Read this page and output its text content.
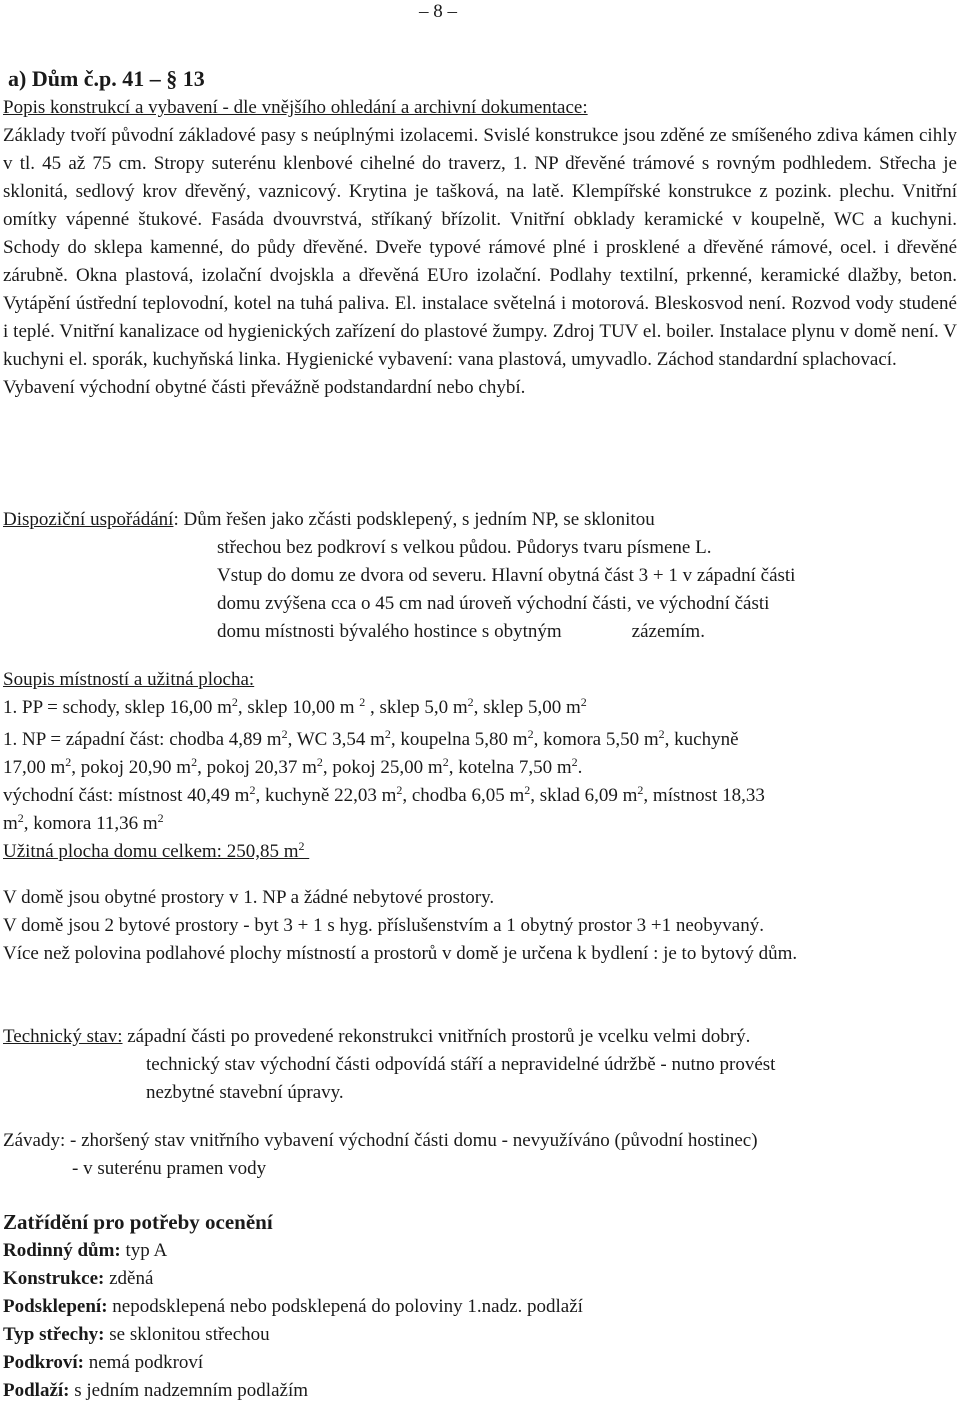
– 8 –
a) Dům č.p. 41 – § 13
Popis konstrukcí a vybavení - dle vnějšího ohledání a archivní dokumentace:
Základy tvoří původní základové pasy s neúplnými izolacemi. Svislé konstrukce jsou zděné ze smíšeného zdiva kámen cihly v tl. 45 až 75 cm. Stropy suterénu klenbové cihelné do traverz, 1. NP dřevěné trámové s rovným podhledem. Střecha je sklonitá, sedlový krov dřevěný, vaznicový. Krytina je tašková, na latě. Klempířské konstrukce z pozink. plechu. Vnitřní omítky vápenné štukové. Fasáda dvouvrstvá, stříkaný břízolit. Vnitřní obklady keramické v koupelně, WC a kuchyni. Schody do sklepa kamenné, do půdy dřevěné. Dveře typové rámové plné i prosklené a dřevěné rámové, ocel. i dřevěné zárubně. Okna plastová, izolační dvojskla a dřevěná EUro izolační. Podlahy textilní, prkenné, keramické dlažby, beton. Vytápění ústřední teplovodní, kotel na tuhá paliva. El. instalace světelná i motorová. Bleskosvod není. Rozvod vody studené i teplé. Vnitřní kanalizace od hygienických zařízení do plastové žumpy. Zdroj TUV el. boiler. Instalace plynu v domě není. V kuchyni el. sporák, kuchyňská linka. Hygienické vybavení: vana plastová, umyvadlo. Záchod standardní splachovací.
Vybavení východní obytné části převážně podstandardní nebo chybí.
Dispoziční uspořádání: Dům řešen jako zčásti podsklepený, s jedním NP, se sklonitou
střechou bez podkroví s velkou půdou. Půdorys tvaru písmene L.
Vstup do domu ze dvora od severu. Hlavní obytná část 3 + 1 v západní části
domu zvýšena cca o 45 cm nad úroveň východní části, ve východní části
domu místnosti bývalého hostince s obytným	zázemím.
Soupis místností a užitná plocha:
1. PP = schody, sklep 16,00 $m^2$, sklep 10,00 m $^2$ , sklep 5,0 $m^2$, sklep 5,00 $m^2$
1. NP = západní část: chodba 4,89 $m^2$, WC 3,54 $m^2$, koupelna 5,80 $m^2$, komora 5,50 $m^2$, kuchyně
17,00 $m^2$, pokoj 20,90 $m^2$, pokoj 20,37 $m^2$, pokoj 25,00 $m^2$, kotelna 7,50 $m^2$.
východní část: místnost 40,49 $m^2$, kuchyně 22,03 $m^2$, chodba 6,05 $m^2$, sklad 6,09 $m^2$, místnost 18,33
$m^2$, komora 11,36 $m^2$
Užitná plocha domu celkem: 250,85 $m^2$
V domě jsou obytné prostory v 1. NP a žádné nebytové prostory.
V domě jsou 2 bytové prostory - byt 3 + 1 s hyg. příslušenstvím a 1 obytný prostor 3 +1 neobyvaný.
Více než polovina podlahové plochy místností a prostorů v domě je určena k bydlení : je to bytový dům.
Technický stav: západní části po provedené rekonstrukci vnitřních prostorů je vcelku velmi dobrý.
technický stav východní části odpovídá stáří a nepravidelné údržbě - nutno provést
nezbytné stavební úpravy.
Závady: - zhoršený stav vnitřního vybavení východní části domu - nevyužíváno (původní hostinec)
- v suterénu pramen vody
Zatřídění pro potřeby ocenění
Rodinný dům: typ A
Konstrukce: zděná
Podsklepení: nepodsklepená nebo podsklepená do poloviny 1.nadz. podlaží
Typ střechy: se sklonitou střechou
Podkroví: nemá podkroví
Podlaží: s jedním nadzemním podlažím
